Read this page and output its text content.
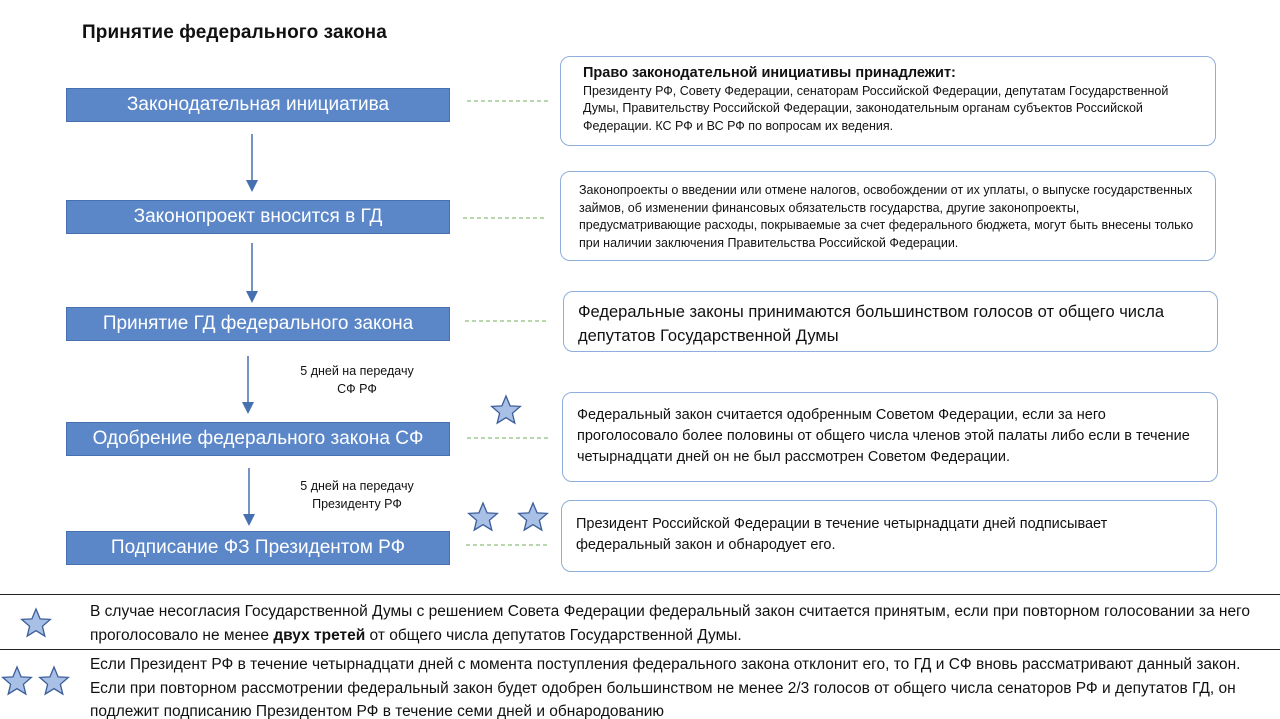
Принятие федерального закона
Законодательная инициатива
Законопроект вносится в ГД
Принятие ГД федерального закона
Одобрение федерального закона СФ
Подписание ФЗ Президентом РФ
5 дней на передачу
СФ РФ
5 дней на передачу
Президенту РФ
Право законодательной инициативы принадлежит:
Президенту РФ, Совету Федерации, сенаторам Российской Федерации, депутатам Государственной Думы, Правительству Российской Федерации, законодательным органам субъектов Российской Федерации. КС РФ и ВС РФ по вопросам их ведения.
Законопроекты о введении или отмене налогов, освобождении от их уплаты, о выпуске государственных займов, об изменении финансовых обязательств государства, другие законопроекты, предусматривающие расходы, покрываемые за счет федерального бюджета, могут быть внесены только при наличии заключения Правительства Российской Федерации.
Федеральные законы принимаются большинством голосов от общего числа депутатов Государственной Думы
Федеральный закон считается одобренным Советом Федерации, если за него проголосовало более половины от общего числа членов этой палаты либо если в течение четырнадцати дней он не был рассмотрен Советом Федерации.
Президент Российской Федерации в течение четырнадцати дней подписывает федеральный закон и обнародует его.
В случае несогласия Государственной Думы с решением Совета Федерации федеральный закон считается принятым, если при повторном голосовании за него проголосовало не менее двух третей от общего числа депутатов Государственной Думы.
Если Президент РФ в течение четырнадцати дней с момента поступления федерального закона отклонит его, то ГД и СФ вновь рассматривают данный закон. Если при повторном рассмотрении федеральный закон будет одобрен большинством не менее 2/3 голосов от общего числа сенаторов РФ и депутатов ГД, он подлежит подписанию Президентом РФ в течение семи дней и обнародованию
